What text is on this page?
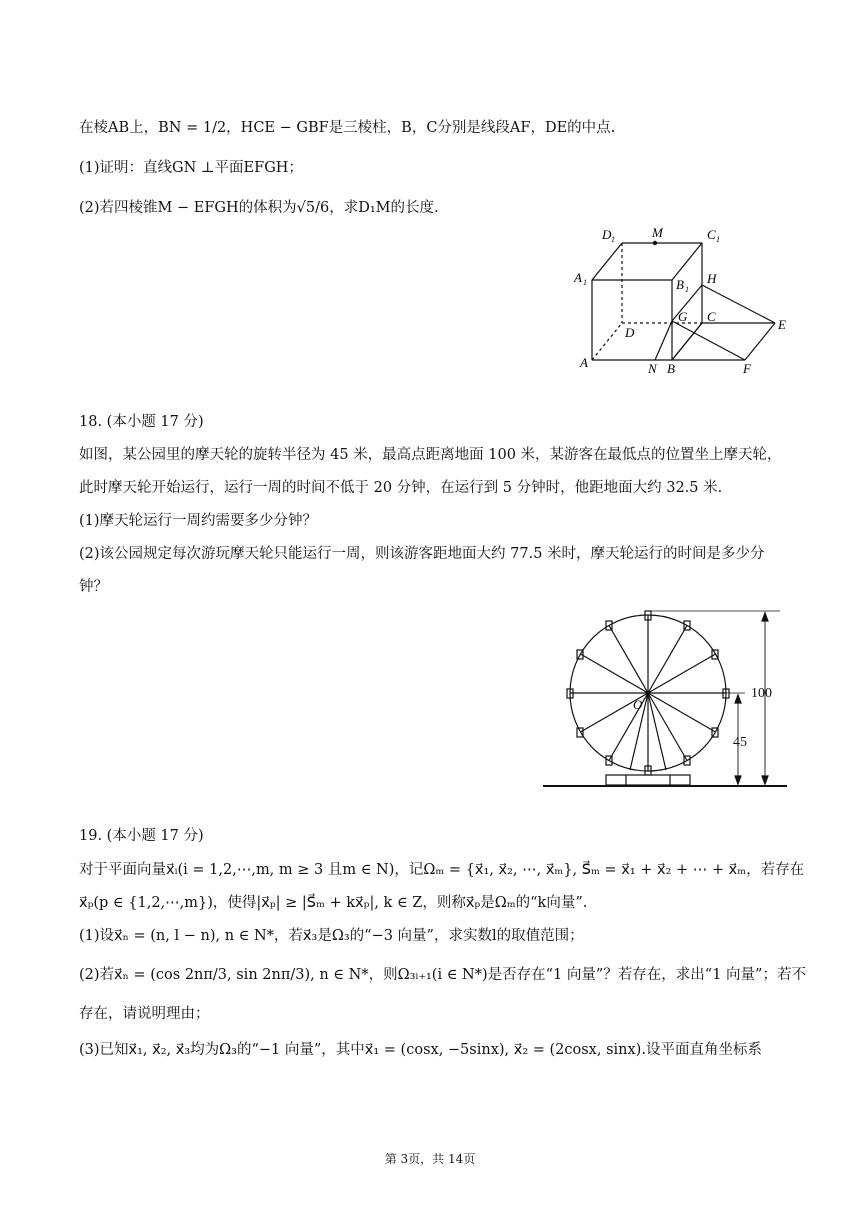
在棱AB上，BN = 1/2，HCE − GBF是三棱柱，B，C分别是线段AF，DE的中点.
(1)证明：直线GN ⊥平面EFGH；
(2)若四棱锥M − EFGH的体积为√5/6，求D₁M的长度.
D 1	M	C 1
A 1	B 1
H
G C
E
D
A	N B	F
18. (本小题 17 分)
如图，某公园里的摩天轮的旋转半径为 45 米，最高点距离地面 100 米，某游客在最低点的位置坐上摩天轮，
此时摩天轮开始运行，运行一周的时间不低于 20 分钟，在运行到 5 分钟时，他距地面大约 32.5 米.
(1)摩天轮运行一周约需要多少分钟？
(2)该公园规定每次游玩摩天轮只能运行一周，则该游客距地面大约 77.5 米时，摩天轮运行的时间是多少分
钟？
O
100
45
19. (本小题 17 分)
对于平面向量x⃗ᵢ(i = 1,2,⋯,m, m ≥ 3 且m ∈ N)，记Ωₘ = {x⃗₁, x⃗₂, ⋯, x⃗ₘ}, S⃗ₘ = x⃗₁ + x⃗₂ + ⋯ + x⃗ₘ，若存在
x⃗ₚ(p ∈ {1,2,⋯,m})，使得|x⃗ₚ| ≥ |S⃗ₘ + kx⃗ₚ|, k ∈ Z，则称x⃗ₚ是Ωₘ的“k向量”.
(1)设x⃗ₙ = (n, l − n), n ∈ N*，若x⃗₃是Ω₃的“−3 向量”，求实数l的取值范围；
(2)若x⃗ₙ = (cos 2nπ/3, sin 2nπ/3), n ∈ N*，则Ω₃ᵢ₊₁(i ∈ N*)是否存在“1 向量”？若存在，求出“1 向量”；若不
存在，请说明理由；
(3)已知x⃗₁, x⃗₂, x⃗₃均为Ω₃的“−1 向量”，其中x⃗₁ = (cosx, −5sinx), x⃗₂ = (2cosx, sinx).设平面直角坐标系
第 3页，共 14页
